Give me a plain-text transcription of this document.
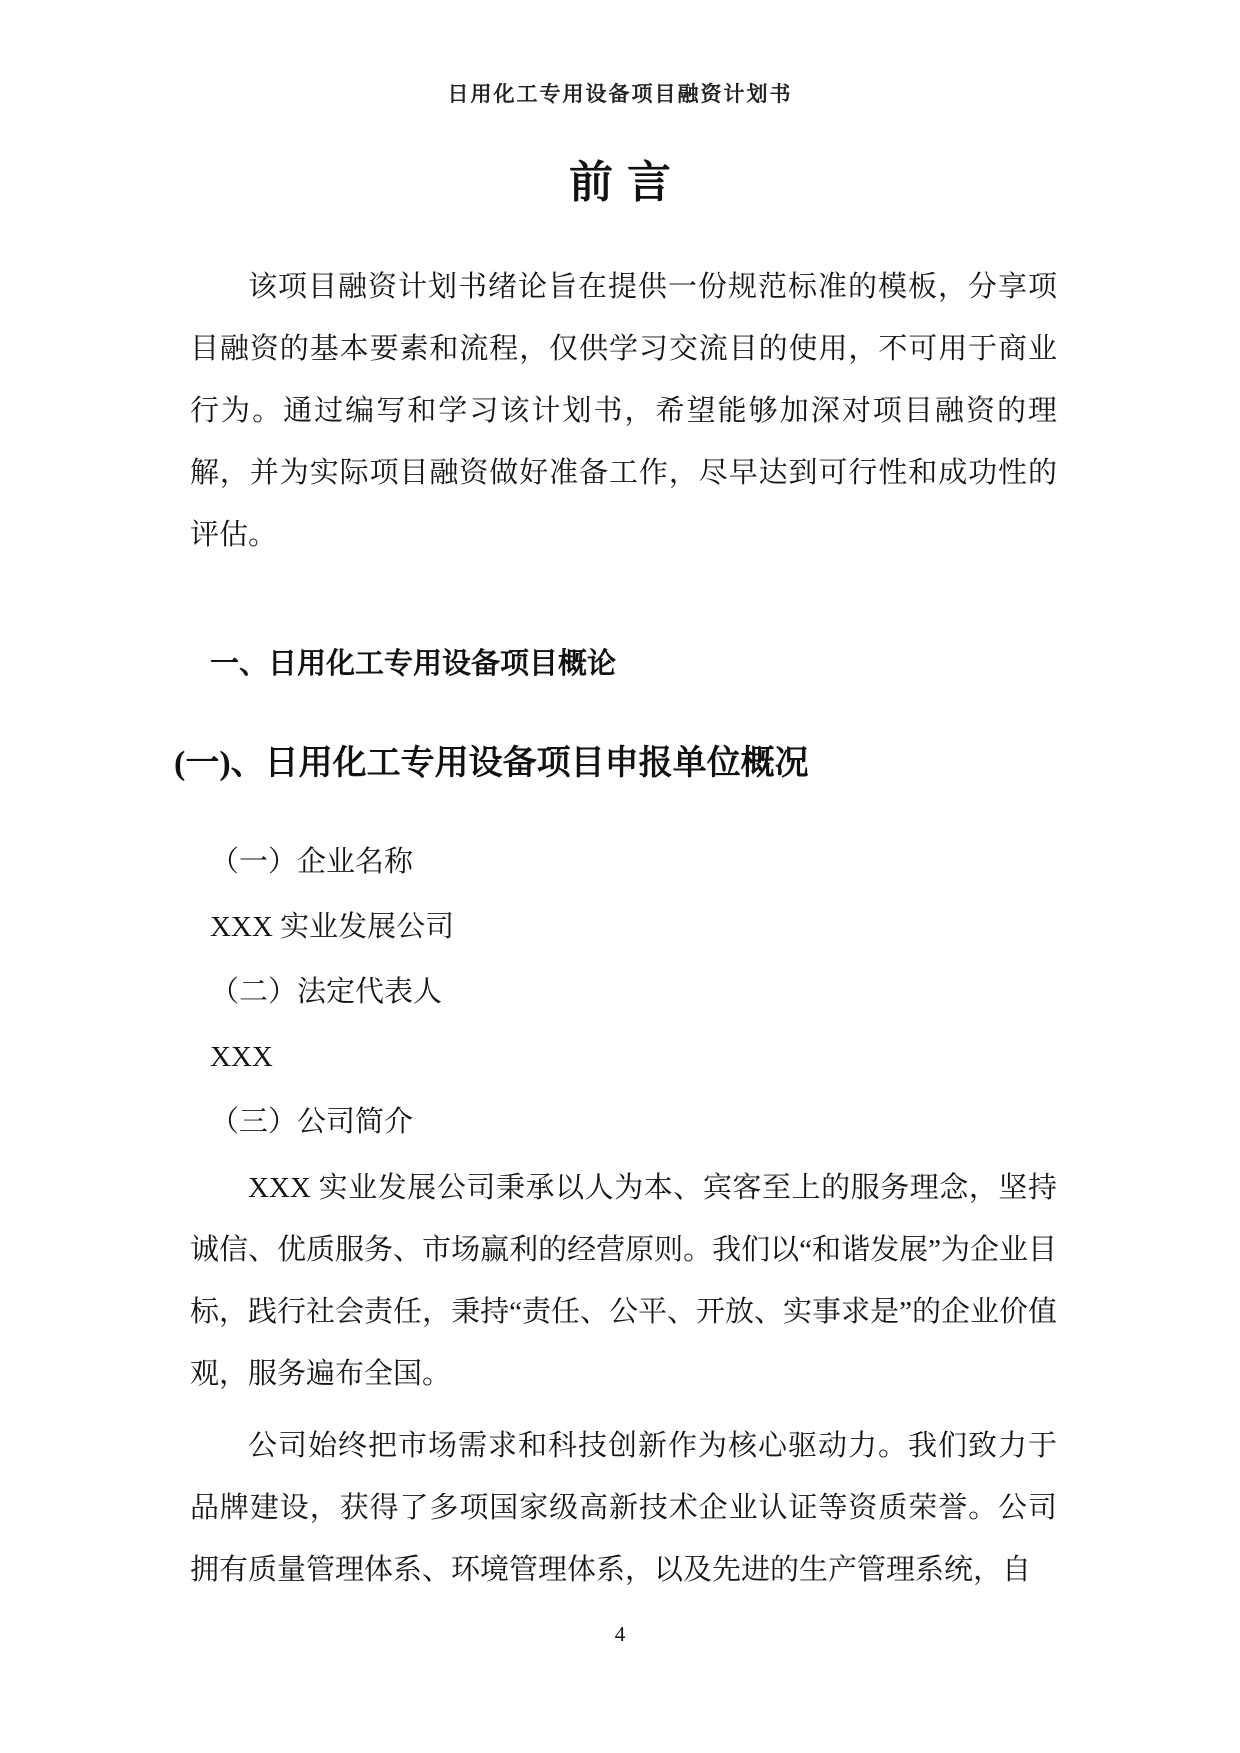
日用化工专用设备项目融资计划书
前言

该项目融资计划书绪论旨在提供一份规范标准的模板，分享项目融资的基本要素和流程，仅供学习交流目的使用，不可用于商业行为。通过编写和学习该计划书，希望能够加深对项目融资的理解，并为实际项目融资做好准备工作，尽早达到可行性和成功性的评估。

一、日用化工专用设备项目概论
(一)、日用化工专用设备项目申报单位概况
（一）企业名称
XXX 实业发展公司
（二）法定代表人
XXX
（三）公司简介

XXX 实业发展公司秉承以人为本、宾客至上的服务理念，坚持诚信、优质服务、市场赢利的经营原则。我们以“和谐发展”为企业目标，践行社会责任，秉持“责任、公平、开放、实事求是”的企业价值观，服务遍布全国。

公司始终把市场需求和科技创新作为核心驱动力。我们致力于品牌建设，获得了多项国家级高新技术企业认证等资质荣誉。公司拥有质量管理体系、环境管理体系，以及先进的生产管理系统，自

4
